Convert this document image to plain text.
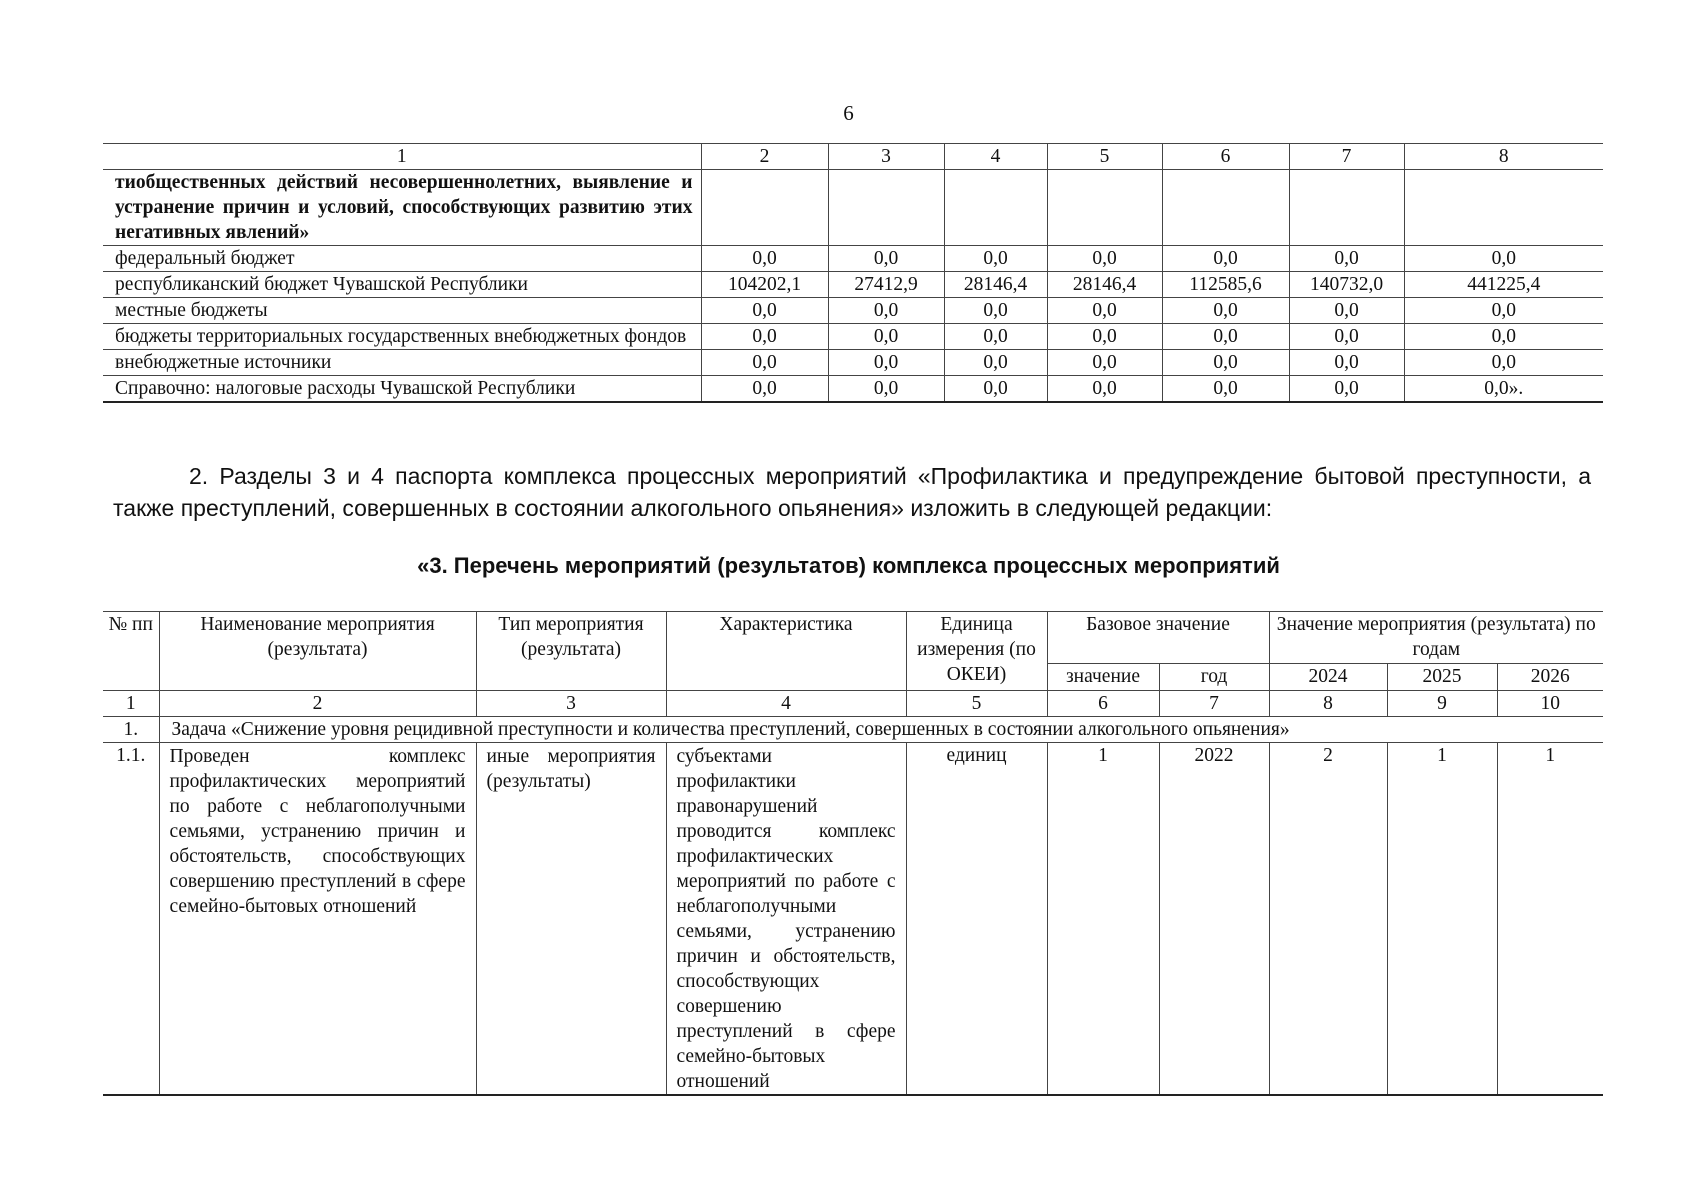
6
1	2	3	4	5	6	7	8
тиобщественных действий несовершеннолетних, выявление и устранение причин и условий, способствующих развитию этих негативных явлений»							
федеральный бюджет	0,0	0,0	0,0	0,0	0,0	0,0	0,0
республиканский бюджет Чувашской Республики	104202,1	27412,9	28146,4	28146,4	112585,6	140732,0	441225,4
местные бюджеты	0,0	0,0	0,0	0,0	0,0	0,0	0,0
бюджеты территориальных государственных внебюджетных фондов	0,0	0,0	0,0	0,0	0,0	0,0	0,0
внебюджетные источники	0,0	0,0	0,0	0,0	0,0	0,0	0,0
Справочно: налоговые расходы Чувашской Республики	0,0	0,0	0,0	0,0	0,0	0,0	0,0».
2. Разделы 3 и 4 паспорта комплекса процессных мероприятий «Профилактика и предупреждение бытовой преступности, а также преступлений, совершенных в состоянии алкогольного опьянения» изложить в следующей редакции:
«3. Перечень мероприятий (результатов) комплекса процессных мероприятий
№ пп	Наименование мероприятия (результата)	Тип мероприятия (результата)	Характеристика	Единица измерения (по ОКЕИ)	Базовое значение		Значение мероприятия (результата) по годам		
					значение	год	2024	2025	2026
1	2	3	4	5	6	7	8	9	10
1.	Задача «Снижение уровня рецидивной преступности и количества преступлений, совершенных в состоянии алкогольного опьянения»								
1.1.	Проведен комплекс профилактических мероприятий по работе с неблагополучными семьями, устранению причин и обстоятельств, способствующих совершению преступлений в сфере семейно-бытовых отношений	иные мероприятия (результаты)	субъектами профилактики правонарушений проводится комплекс профилактических мероприятий по работе с неблагополучными семьями, устранению причин и обстоятельств, способствующих совершению преступлений в сфере семейно-бытовых отношений	единиц	1	2022	2	1	1
